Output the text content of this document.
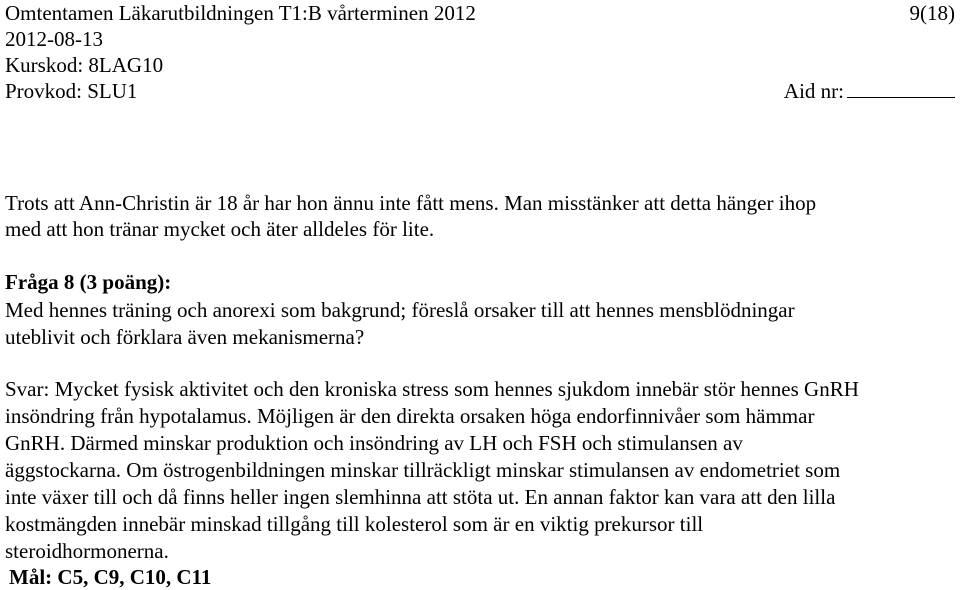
Omtentamen Läkarutbildningen T1:B vårterminen 2012	9(18)
2012-08-13
Kurskod: 8LAG10
Provkod: SLU1	Aid nr:
Trots att Ann-Christin är 18 år har hon ännu inte fått mens. Man misstänker att detta hänger ihop
med att hon tränar mycket och äter alldeles för lite.
Fråga 8 (3 poäng):
Med hennes träning och anorexi som bakgrund; föreslå orsaker till att hennes mensblödningar
uteblivit och förklara även mekanismerna?
Svar: Mycket fysisk aktivitet och den kroniska stress som hennes sjukdom innebär stör hennes GnRH
insöndring från hypotalamus. Möjligen är den direkta orsaken höga endorfinnivåer som hämmar
GnRH. Därmed minskar produktion och insöndring av LH och FSH och stimulansen av
äggstockarna. Om östrogenbildningen minskar tillräckligt minskar stimulansen av endometriet som
inte växer till och då finns heller ingen slemhinna att stöta ut. En annan faktor kan vara att den lilla
kostmängden innebär minskad tillgång till kolesterol som är en viktig prekursor till
steroidhormonerna.
Mål: C5, C9, C10, C11
